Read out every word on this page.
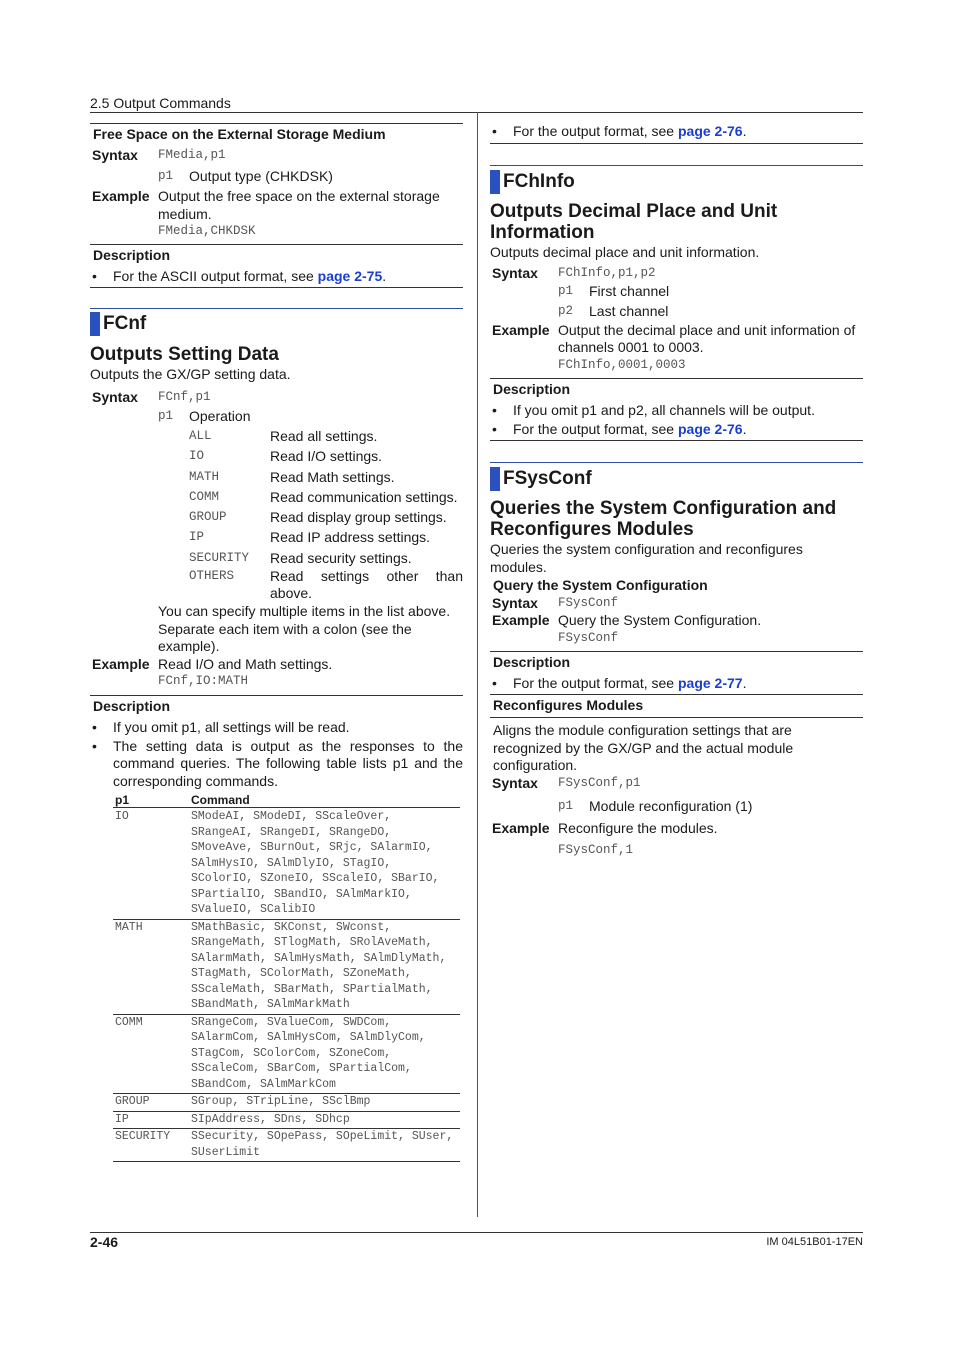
2.5 Output Commands
Free Space on the External Storage Medium
Syntax	FMedia,p1
p1	Output type (CHKDSK)
Example Output the free space on the external storage medium.

FMedia,CHKDSK

Description
•	For the ASCII output format, see page 2-75.
FCnf
Outputs Setting Data

Outputs the GX/GP setting data.

Syntax	FCnf,p1
p1	Operation
ALL	Read all settings.
IO	Read I/O settings.
MATH	Read Math settings.
COMM	Read communication settings.
GROUP	Read display group settings.
IP	Read IP address settings.
SECURITY	Read security settings.
OTHERS	Read settings other than above.

You can specify multiple items in the list above. Separate each item with a colon (see the example).

Example Read I/O and Math settings.

FCnf,IO:MATH

Description
•	If you omit p1, all settings will be read.
•	The setting data is output as the responses to the command queries. The following table lists p1 and the corresponding commands.
p1	Command
IO	SModeAI, SModeDI, SScaleOver, SRangeAI, SRangeDI, SRangeDO, SMoveAve, SBurnOut, SRjc, SAlarmIO, SAlmHysIO, SAlmDlyIO, STagIO, SColorIO, SZoneIO, SScaleIO, SBarIO, SPartialIO, SBandIO, SAlmMarkIO, SValueIO, SCalibIO
MATH	SMathBasic, SKConst, SWconst, SRangeMath, STlogMath, SRolAveMath, SAlarmMath, SAlmHysMath, SAlmDlyMath, STagMath, SColorMath, SZoneMath, SScaleMath, SBarMath, SPartialMath, SBandMath, SAlmMarkMath
COMM	SRangeCom, SValueCom, SWDCom, SAlarmCom, SAlmHysCom, SAlmDlyCom, STagCom, SColorCom, SZoneCom, SScaleCom, SBarCom, SPartialCom, SBandCom, SAlmMarkCom
GROUP	SGroup, STripLine, SSclBmp
IP	SIpAddress, SDns, SDhcp
SECURITY	SSecurity, SOpePass, SOpeLimit, SUser, SUserLimit
•	For the output format, see page 2-76.
FChInfo
Outputs Decimal Place and Unit Information

Outputs decimal place and unit information.

Syntax	FChInfo,p1,p2
p1	First channel
p2	Last channel
Example Output the decimal place and unit information of channels 0001 to 0003.

FChInfo,0001,0003

Description
•	If you omit p1 and p2, all channels will be output.
•	For the output format, see page 2-76.
FSysConf
Queries the System Configuration and Reconfigures Modules

Queries the system configuration and reconfigures modules.

Query the System Configuration
Syntax	FSysConf
Example Query the System Configuration.

FSysConf

Description
•	For the output format, see page 2-77.
Reconfigures Modules

Aligns the module configuration settings that are recognized by the GX/GP and the actual module configuration.

Syntax	FSysConf,p1
p1	Module reconfiguration (1)
Example Reconfigure the modules.
FSysConf,1
2-46	IM 04L51B01-17EN
